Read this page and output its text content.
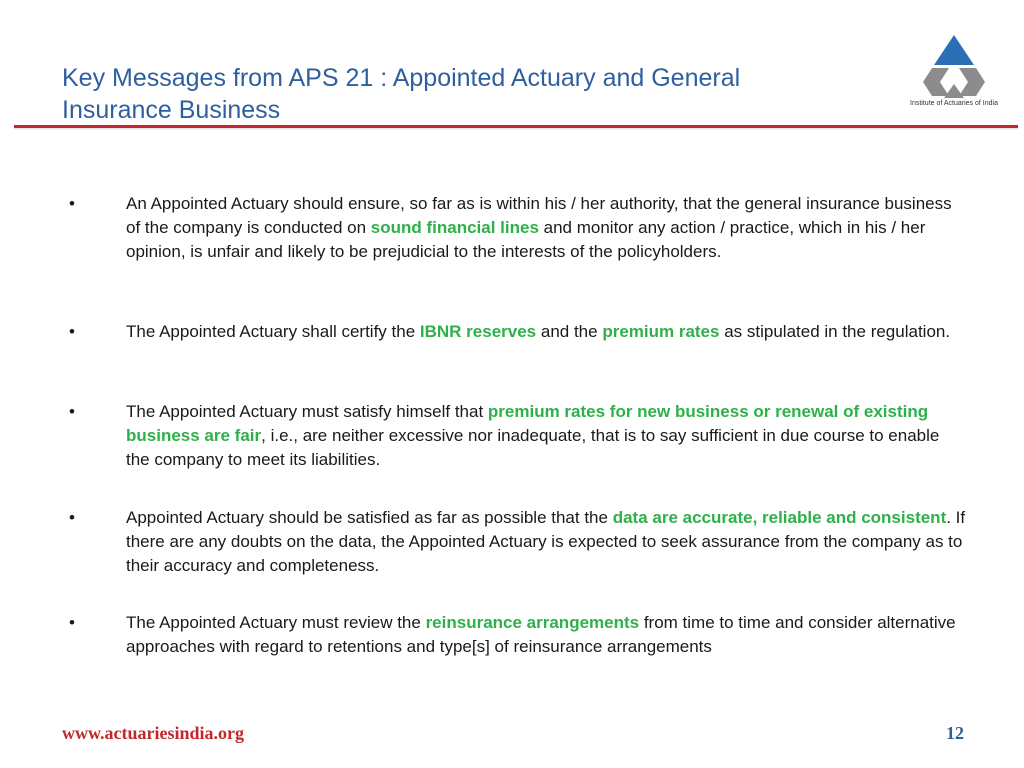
Key Messages from APS 21 : Appointed Actuary and General
Insurance Business	Institute of Actuaries of India
•	An Appointed Actuary should ensure, so far as is within his / her authority, that the general insurance business of the company is conducted on sound financial lines and monitor any action / practice, which in his / her opinion, is unfair and likely to be prejudicial to the interests of the policyholders.
•	The Appointed Actuary shall certify the IBNR reserves and the premium rates as stipulated in the regulation.
•	The Appointed Actuary must satisfy himself that premium rates for new business or renewal of existing business are fair, i.e., are neither excessive nor inadequate, that is to say sufficient in due course to enable the company to meet its liabilities.
•	Appointed Actuary should be satisfied as far as possible that the data are accurate, reliable and consistent. If there are any doubts on the data, the Appointed Actuary is expected to seek assurance from the company as to their accuracy and completeness.
•	The Appointed Actuary must review the reinsurance arrangements from time to time and consider alternative approaches with regard to retentions and type[s] of reinsurance arrangements
www.actuariesindia.org	12
